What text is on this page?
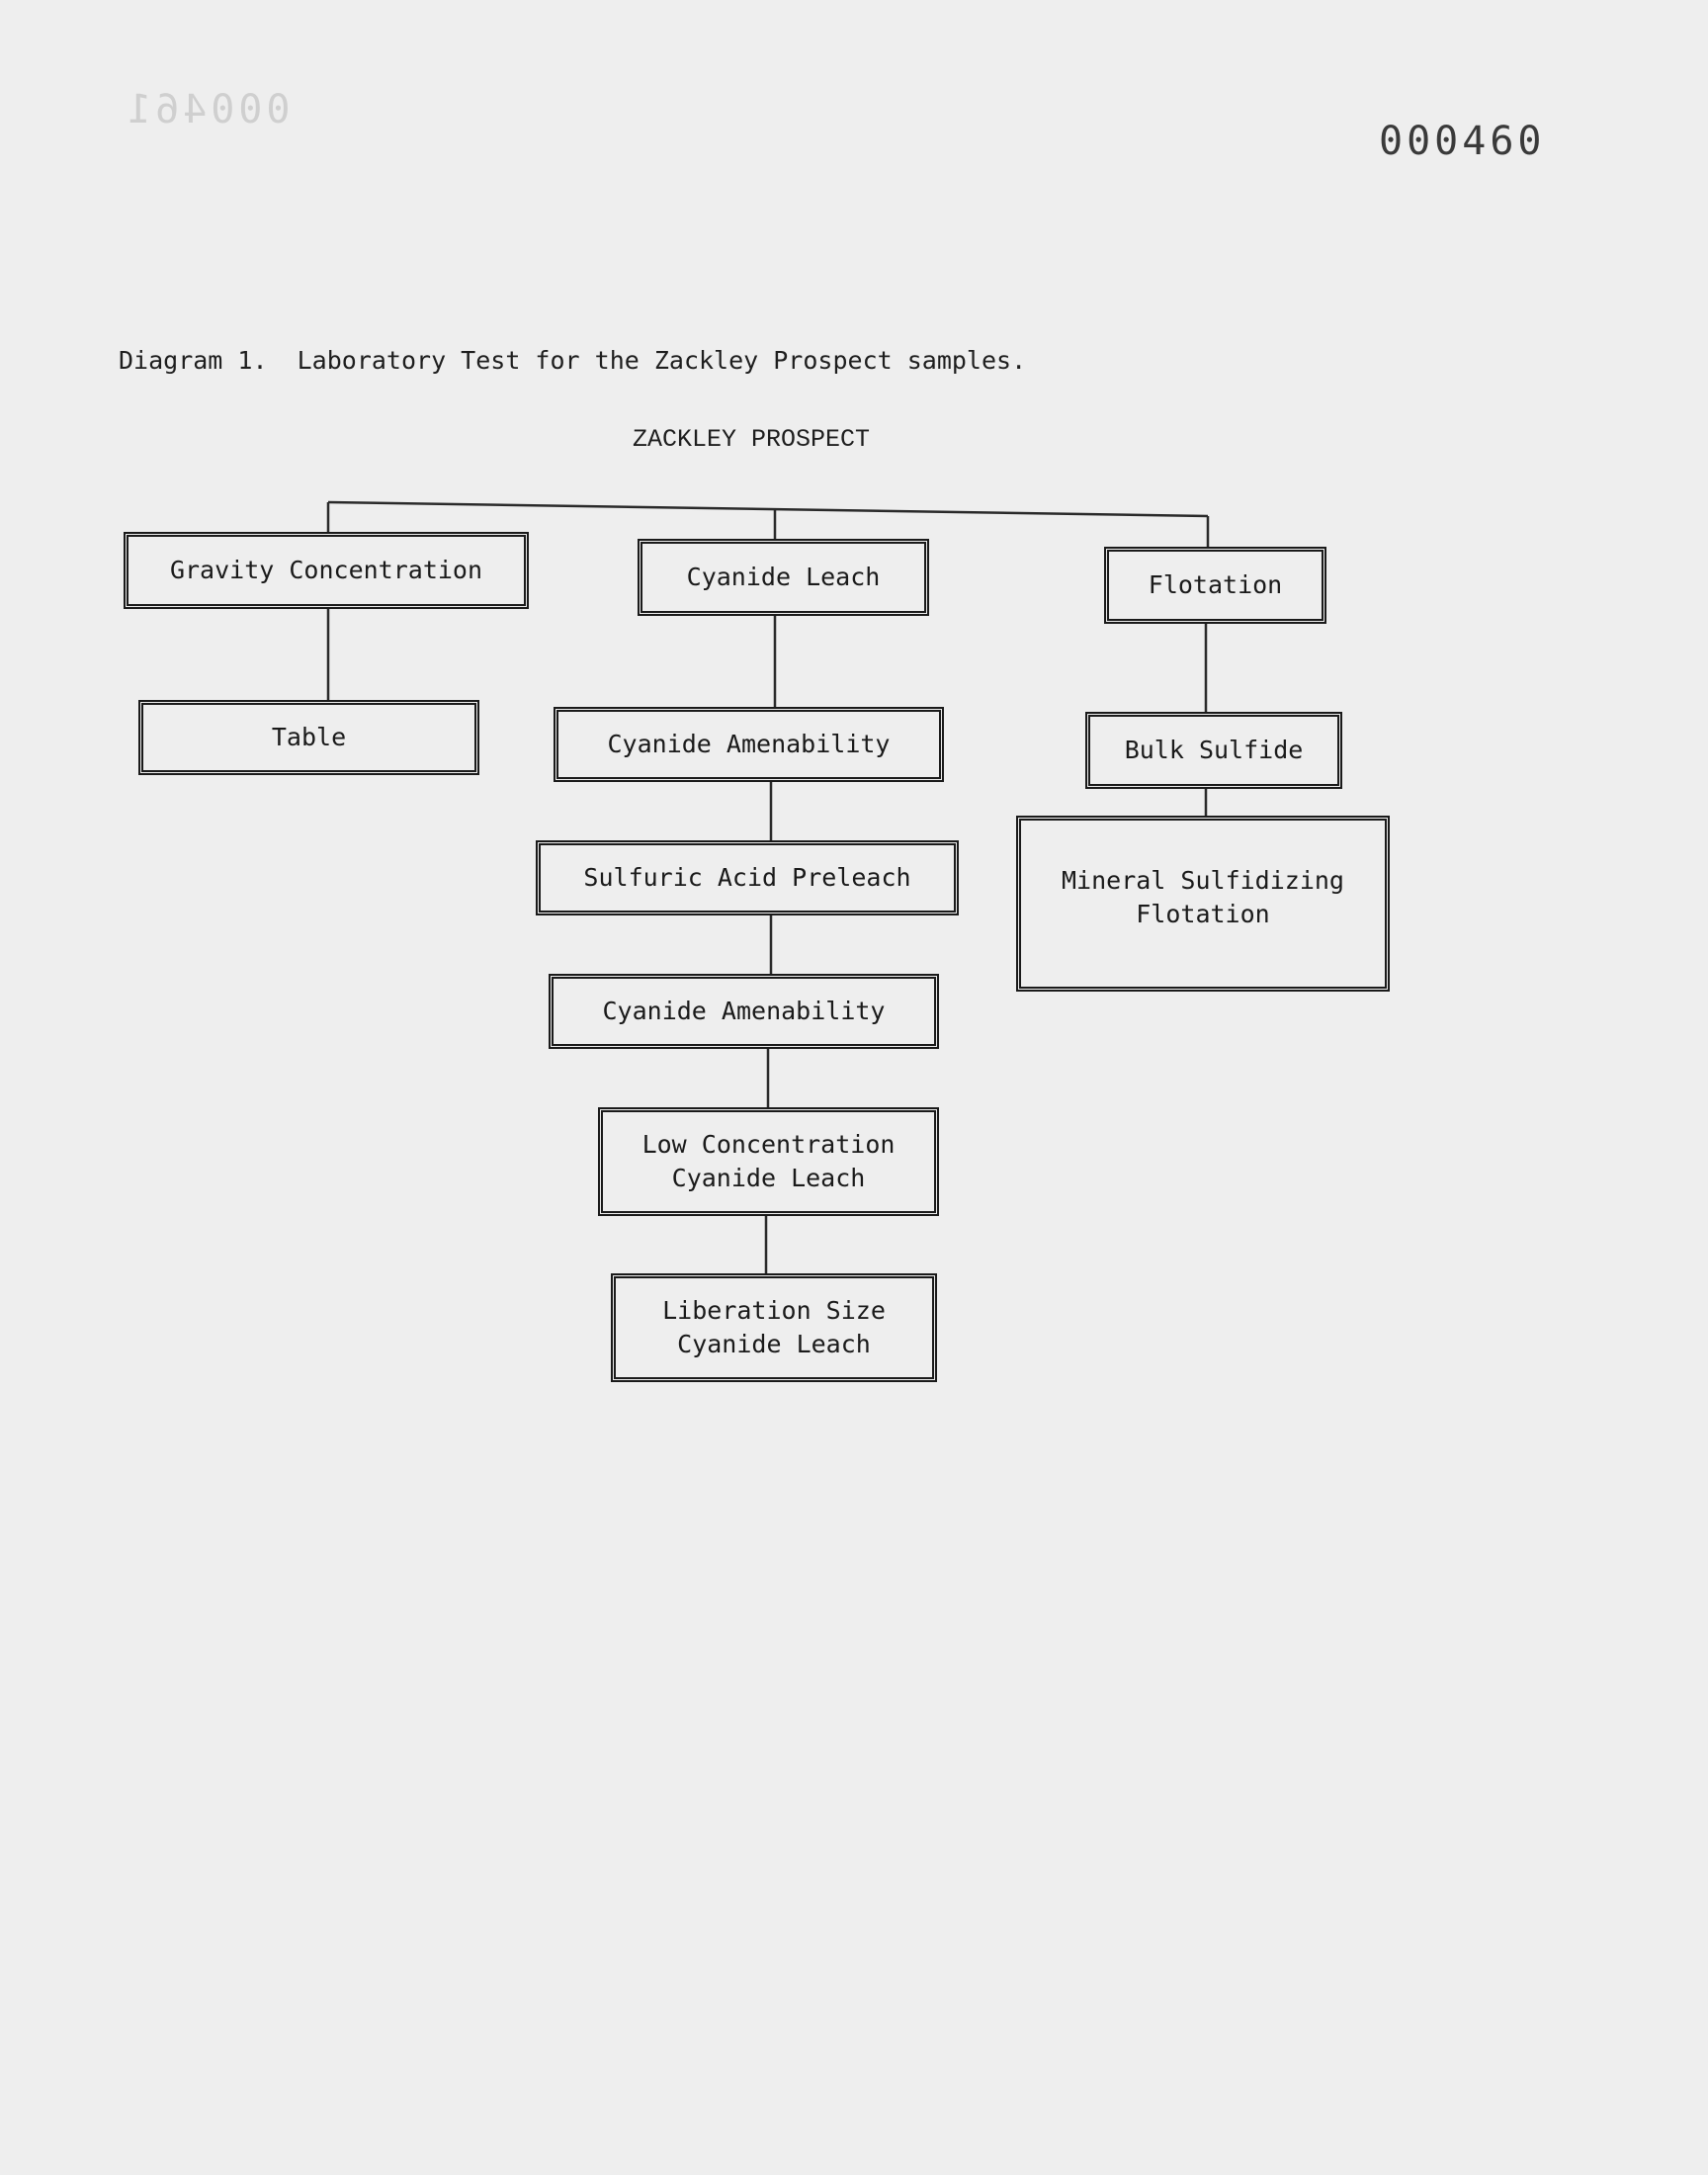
000461
000460
Diagram 1.  Laboratory Test for the Zackley Prospect samples.
ZACKLEY PROSPECT
Gravity Concentration
Table
Cyanide Leach
Cyanide Amenability
Sulfuric Acid Preleach
Cyanide Amenability
Low Concentration
Cyanide Leach
Liberation Size
Cyanide Leach
Flotation
Bulk Sulfide
Mineral Sulfidizing
Flotation
